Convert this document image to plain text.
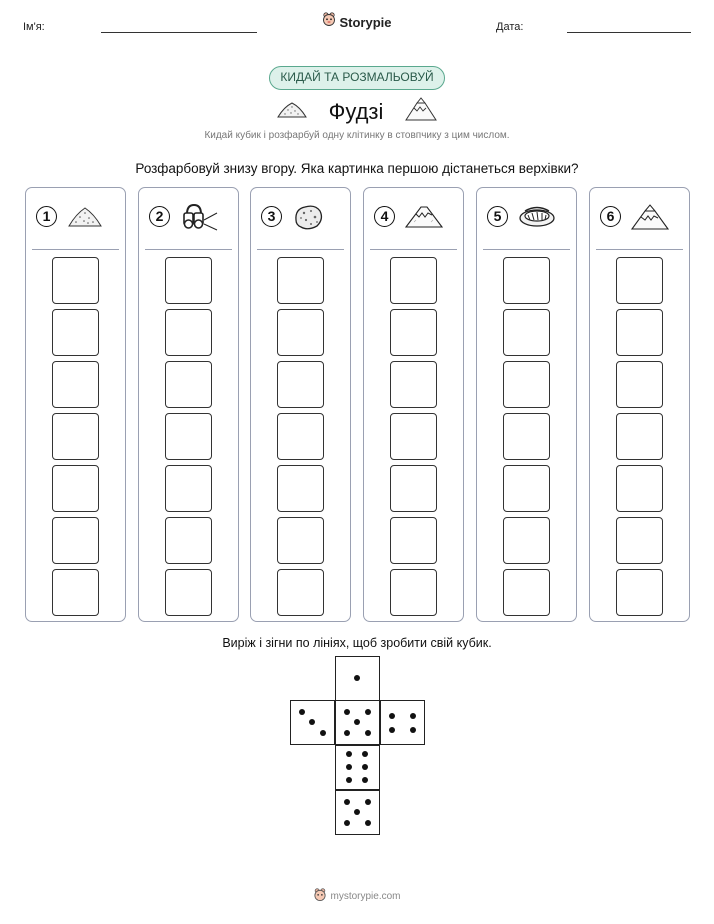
Ім'я:	Storypie	Дата:
КИДАЙ ТА РОЗМАЛЬОВУЙ
Фудзі
Кидай кубик і розфарбуй одну клітинку в стовпчику з цим числом.
Розфарбовуй знизу вгору. Яка картинка першою дістанеться верхівки?
1	2	3	4	5	6
Виріж і зігни по лініях, щоб зробити свій кубик.
mystorypie.com
